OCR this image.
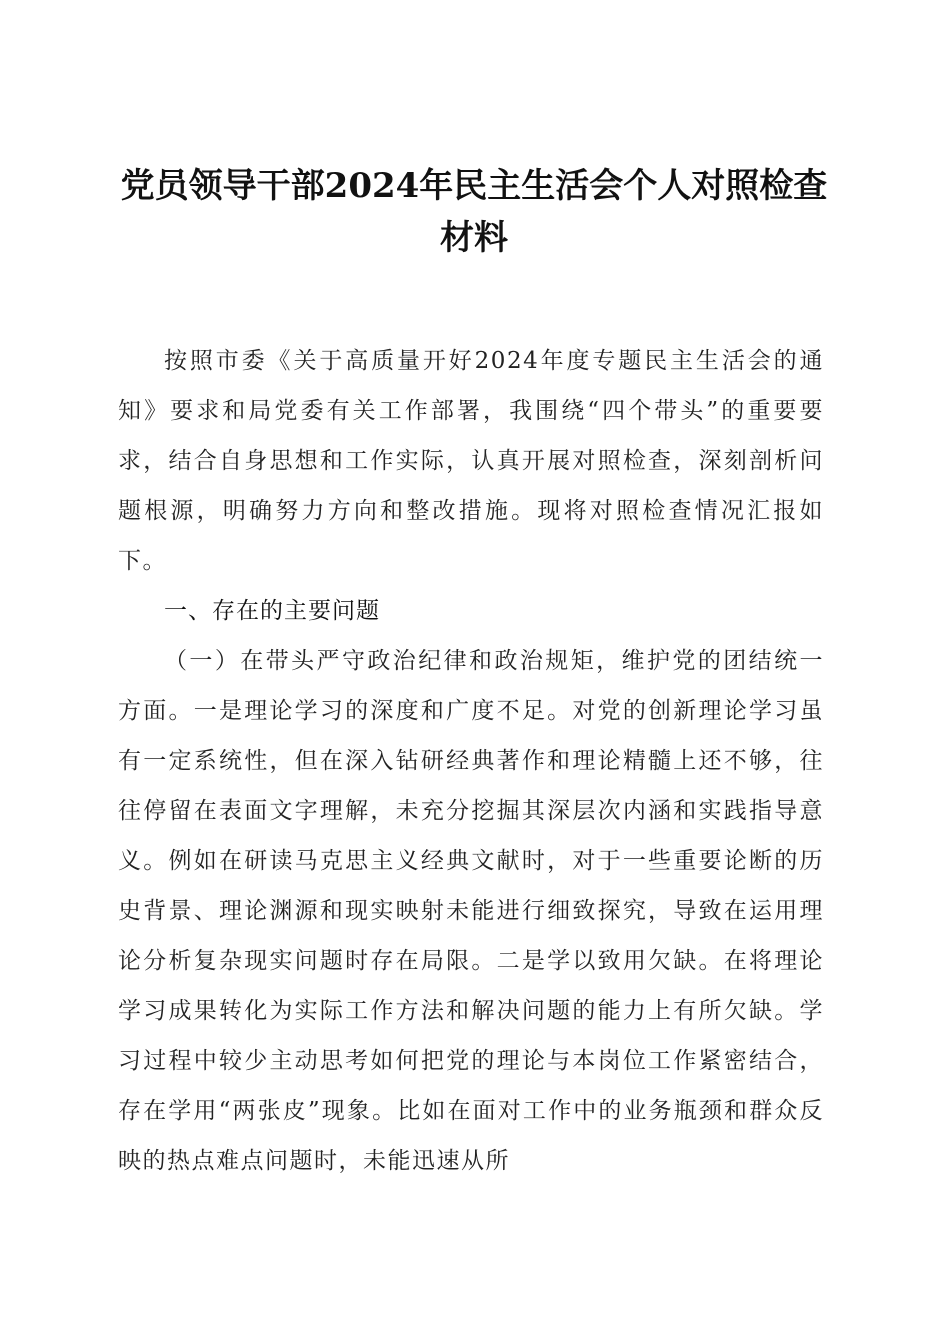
党员领导干部2024年民主生活会个人对照检查材料

按照市委《关于高质量开好2024年度专题民主生活会的通知》要求和局党委有关工作部署，我围绕“四个带头”的重要要求，结合自身思想和工作实际，认真开展对照检查，深刻剖析问题根源，明确努力方向和整改措施。现将对照检查情况汇报如下。

一、存在的主要问题

（一）在带头严守政治纪律和政治规矩，维护党的团结统一方面。一是理论学习的深度和广度不足。对党的创新理论学习虽有一定系统性，但在深入钻研经典著作和理论精髓上还不够，往往停留在表面文字理解，未充分挖掘其深层次内涵和实践指导意义。例如在研读马克思主义经典文献时，对于一些重要论断的历史背景、理论渊源和现实映射未能进行细致探究，导致在运用理论分析复杂现实问题时存在局限。二是学以致用欠缺。在将理论学习成果转化为实际工作方法和解决问题的能力上有所欠缺。学习过程中较少主动思考如何把党的理论与本岗位工作紧密结合，存在学用“两张皮”现象。比如在面对工作中的业务瓶颈和群众反映的热点难点问题时，未能迅速从所
